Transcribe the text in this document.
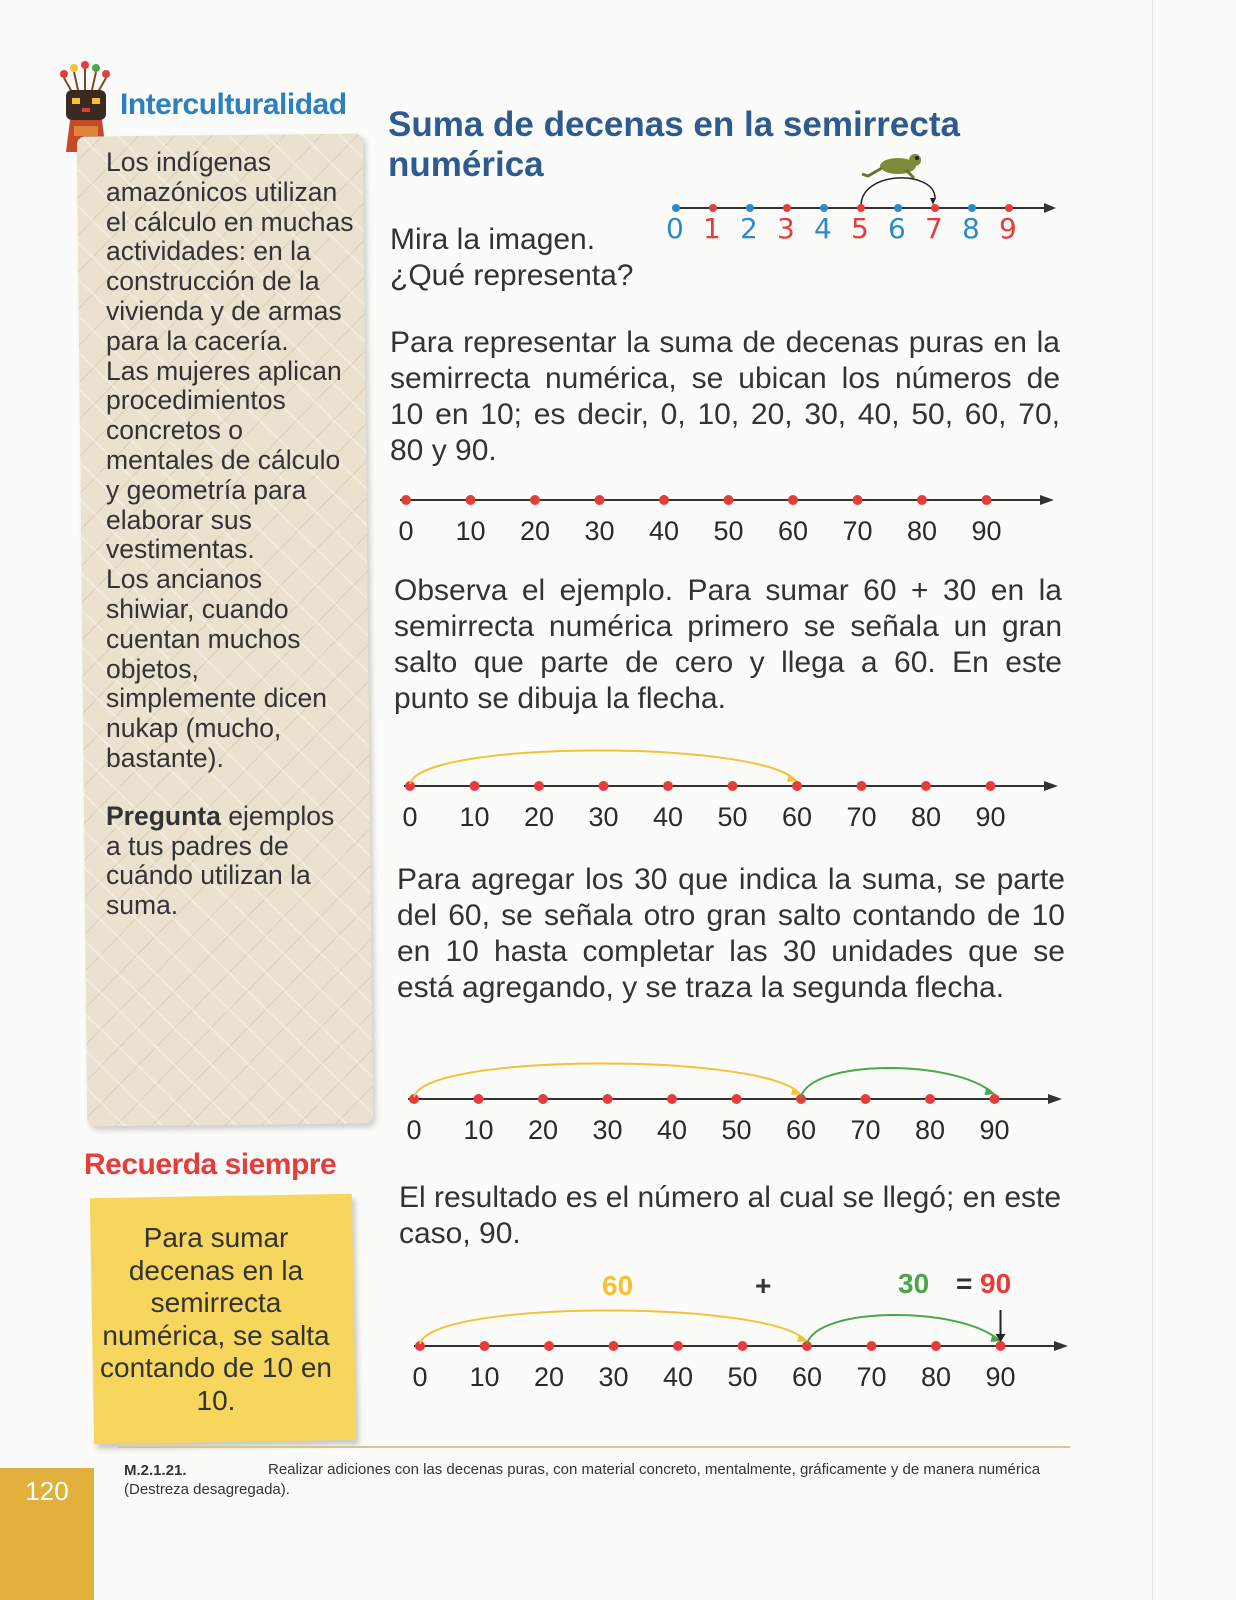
Interculturalidad

Los indígenas amazónicos utilizan el cálculo en muchas actividades: en la construcción de la vivienda y de armas para la cacería.

Las mujeres aplican procedimientos concretos o mentales de cálculo y geometría para elaborar sus vestimentas.

Los ancianos shiwiar, cuando cuentan muchos objetos, simplemente dicen nukap (mucho, bastante).

Pregunta ejemplos a tus padres de cuándo utilizan la suma.

Recuerda siempre
Para sumar decenas en la semirrecta numérica, se salta contando de 10 en 10.
Suma de decenas en la semirrecta numérica
0 1 2 3 4 5 6 7 8 9
Mira la imagen. ¿Qué representa?
Para representar la suma de decenas puras en la semirrecta numérica, se ubican los números de 10 en 10; es decir, 0, 10, 20, 30, 40, 50, 60, 70, 80 y 90.
0 10 20 30 40 50 60 70 80 90
Observa el ejemplo. Para sumar 60 + 30 en la semirrecta numérica primero se señala un gran salto que parte de cero y llega a 60. En este punto se dibuja la flecha.
0 10 20 30 40 50 60 70 80 90
Para agregar los 30 que indica la suma, se parte del 60, se señala otro gran salto contando de 10 en 10 hasta completar las 30 unidades que se está agregando, y se traza la segunda flecha.
0 10 20 30 40 50 60 70 80 90
El resultado es el número al cual se llegó; en este caso, 90.
60	+	30 = 90
0 10 20 30 40 50 60 70 80 90
120
M.2.1.21.	Realizar adiciones con las decenas puras, con material concreto, mentalmente, gráficamente y de manera numérica (Destreza desagregada).
